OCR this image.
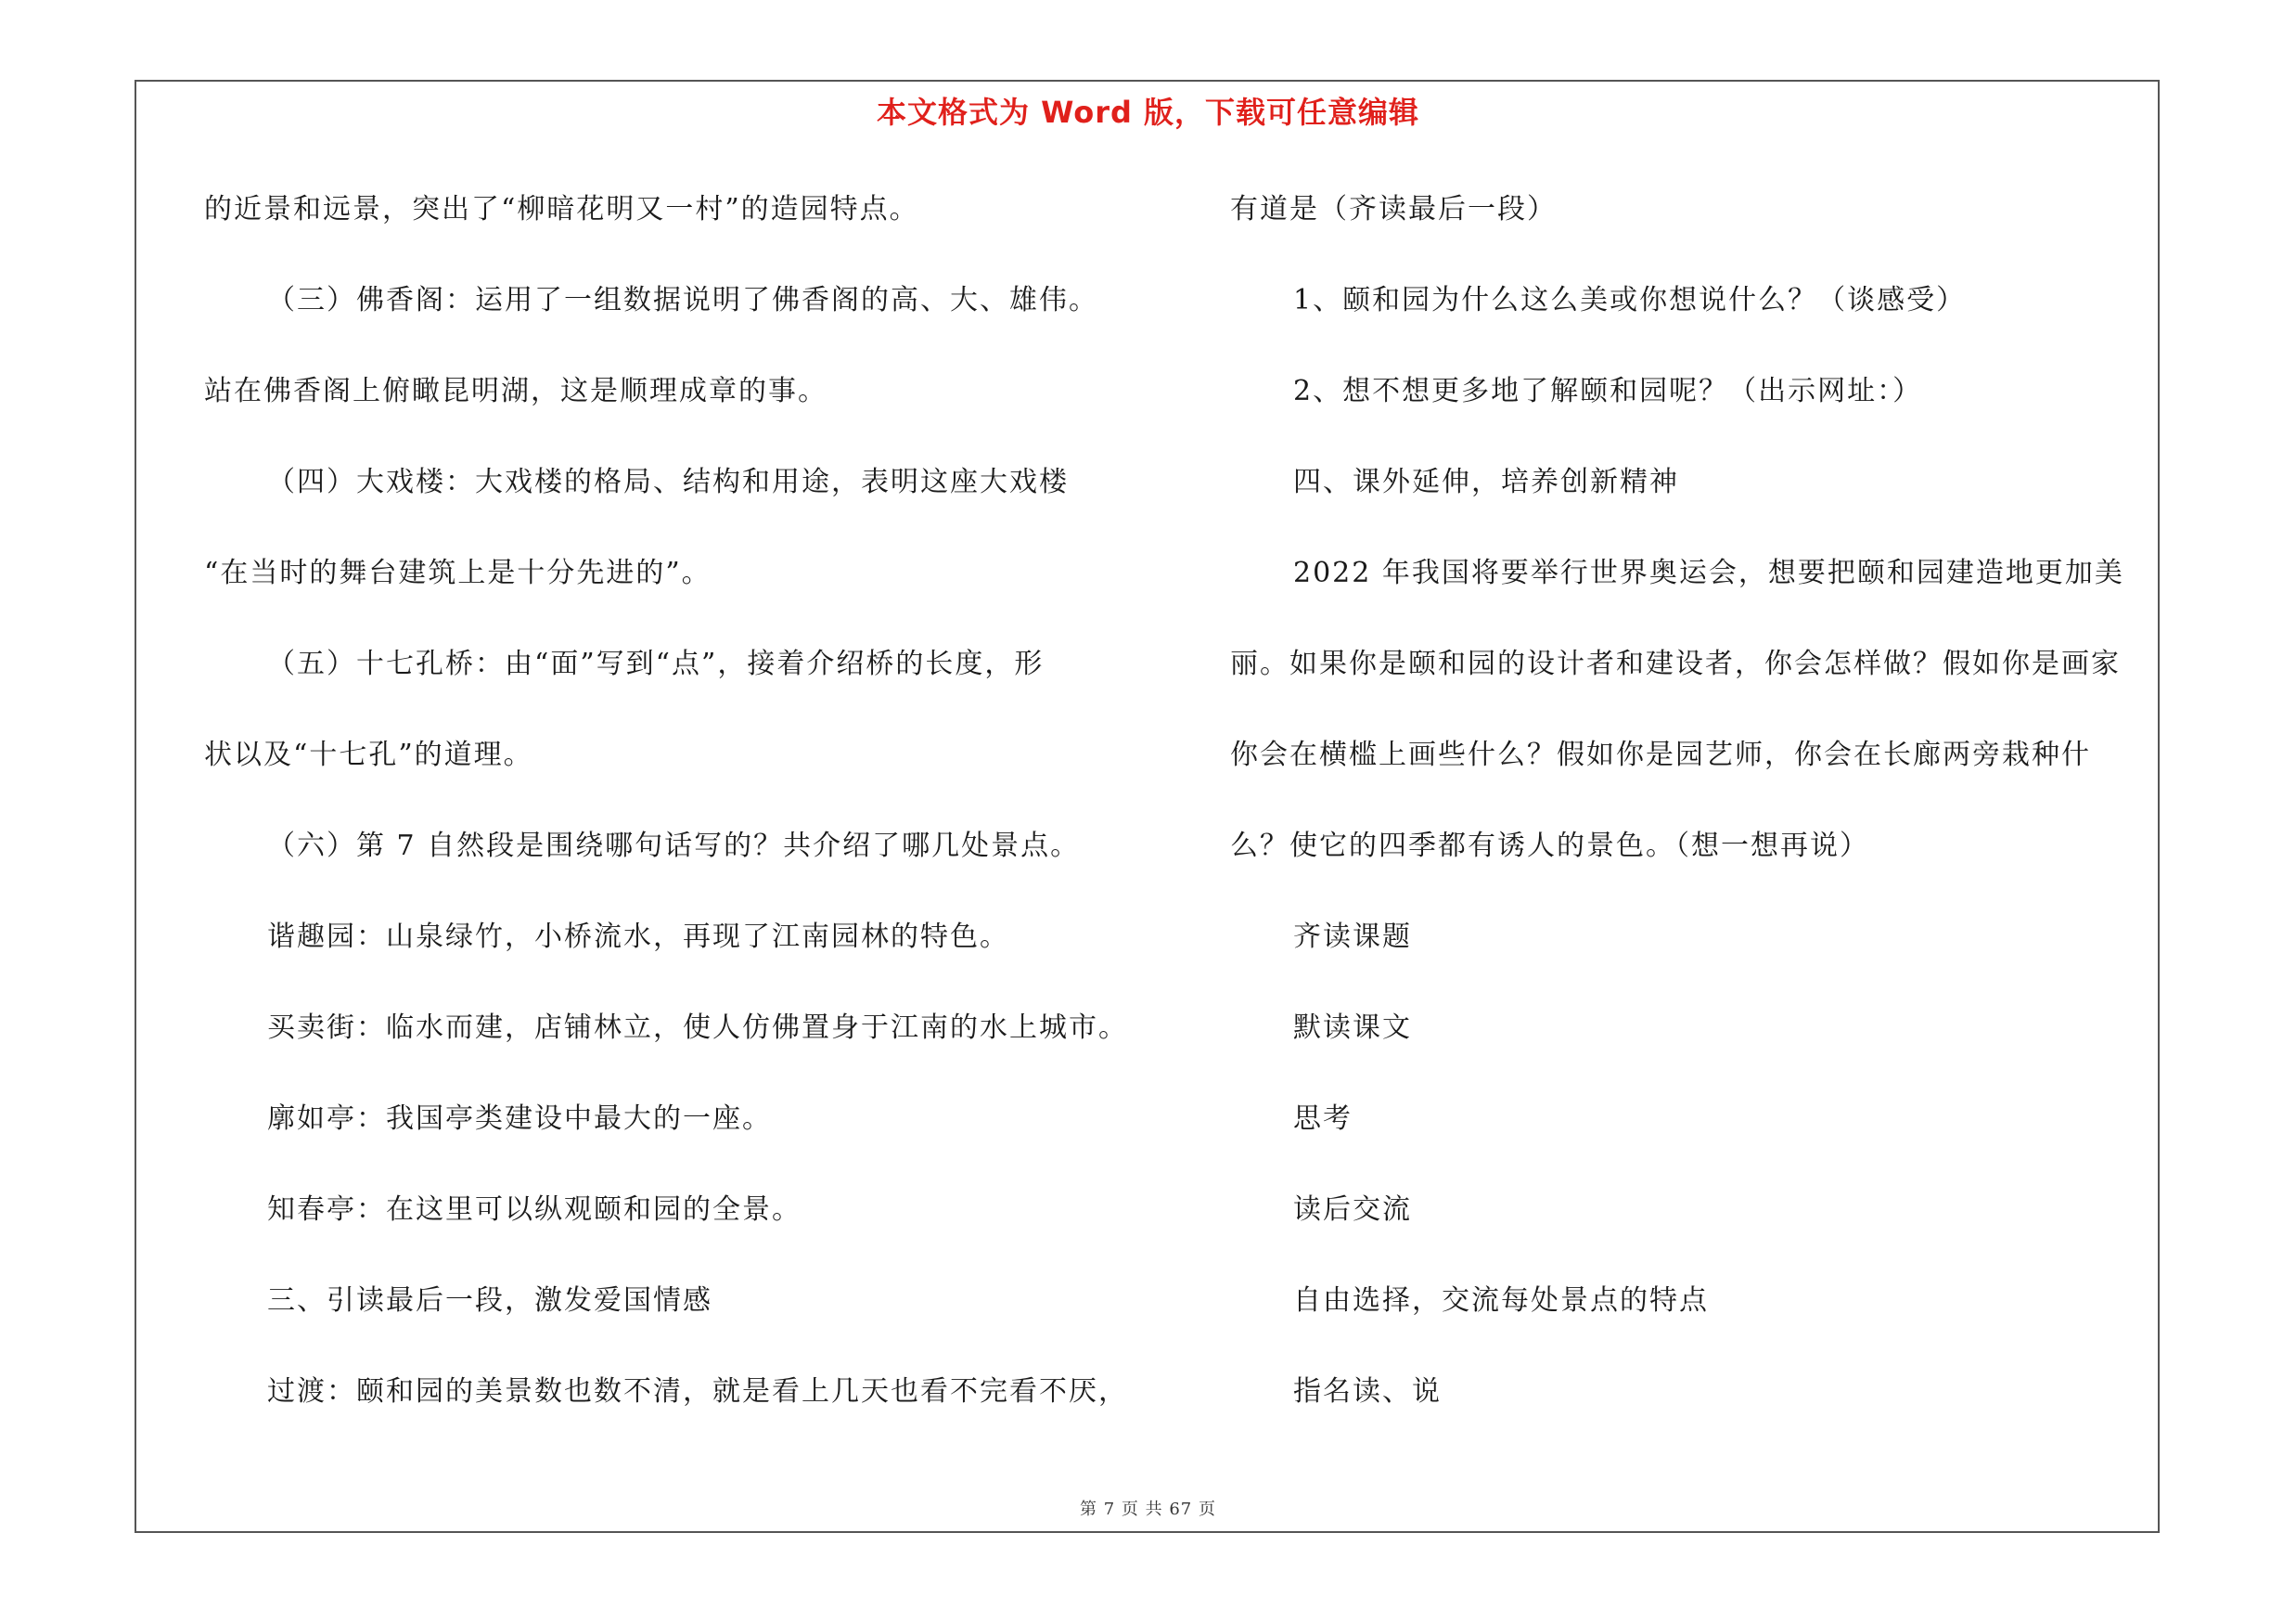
本文格式为 Word 版，下载可任意编辑
的近景和远景，突出了“柳暗花明又一村”的造园特点。
（三）佛香阁：运用了一组数据说明了佛香阁的高、大、雄伟。
站在佛香阁上俯瞰昆明湖，这是顺理成章的事。
（四）大戏楼：大戏楼的格局、结构和用途，表明这座大戏楼
“在当时的舞台建筑上是十分先进的”。
（五）十七孔桥：由“面”写到“点”，接着介绍桥的长度，形
状以及“十七孔”的道理。
（六）第 7 自然段是围绕哪句话写的？共介绍了哪几处景点。
谐趣园：山泉绿竹，小桥流水，再现了江南园林的特色。
买卖街：临水而建，店铺林立，使人仿佛置身于江南的水上城市。
廓如亭：我国亭类建设中最大的一座。
知春亭：在这里可以纵观颐和园的全景。
三、引读最后一段，激发爱国情感
过渡：颐和园的美景数也数不清，就是看上几天也看不完看不厌，
有道是（齐读最后一段）
1、颐和园为什么这么美或你想说什么？（谈感受）
2、想不想更多地了解颐和园呢？（出示网址：）
四、课外延伸，培养创新精神
2022 年我国将要举行世界奥运会，想要把颐和园建造地更加美
丽。如果你是颐和园的设计者和建设者，你会怎样做？假如你是画家
你会在横槛上画些什么？假如你是园艺师，你会在长廊两旁栽种什
么？使它的四季都有诱人的景色。（想一想再说）
齐读课题
默读课文
思考
读后交流
自由选择，交流每处景点的特点
指名读、说
第 7 页 共 67 页
